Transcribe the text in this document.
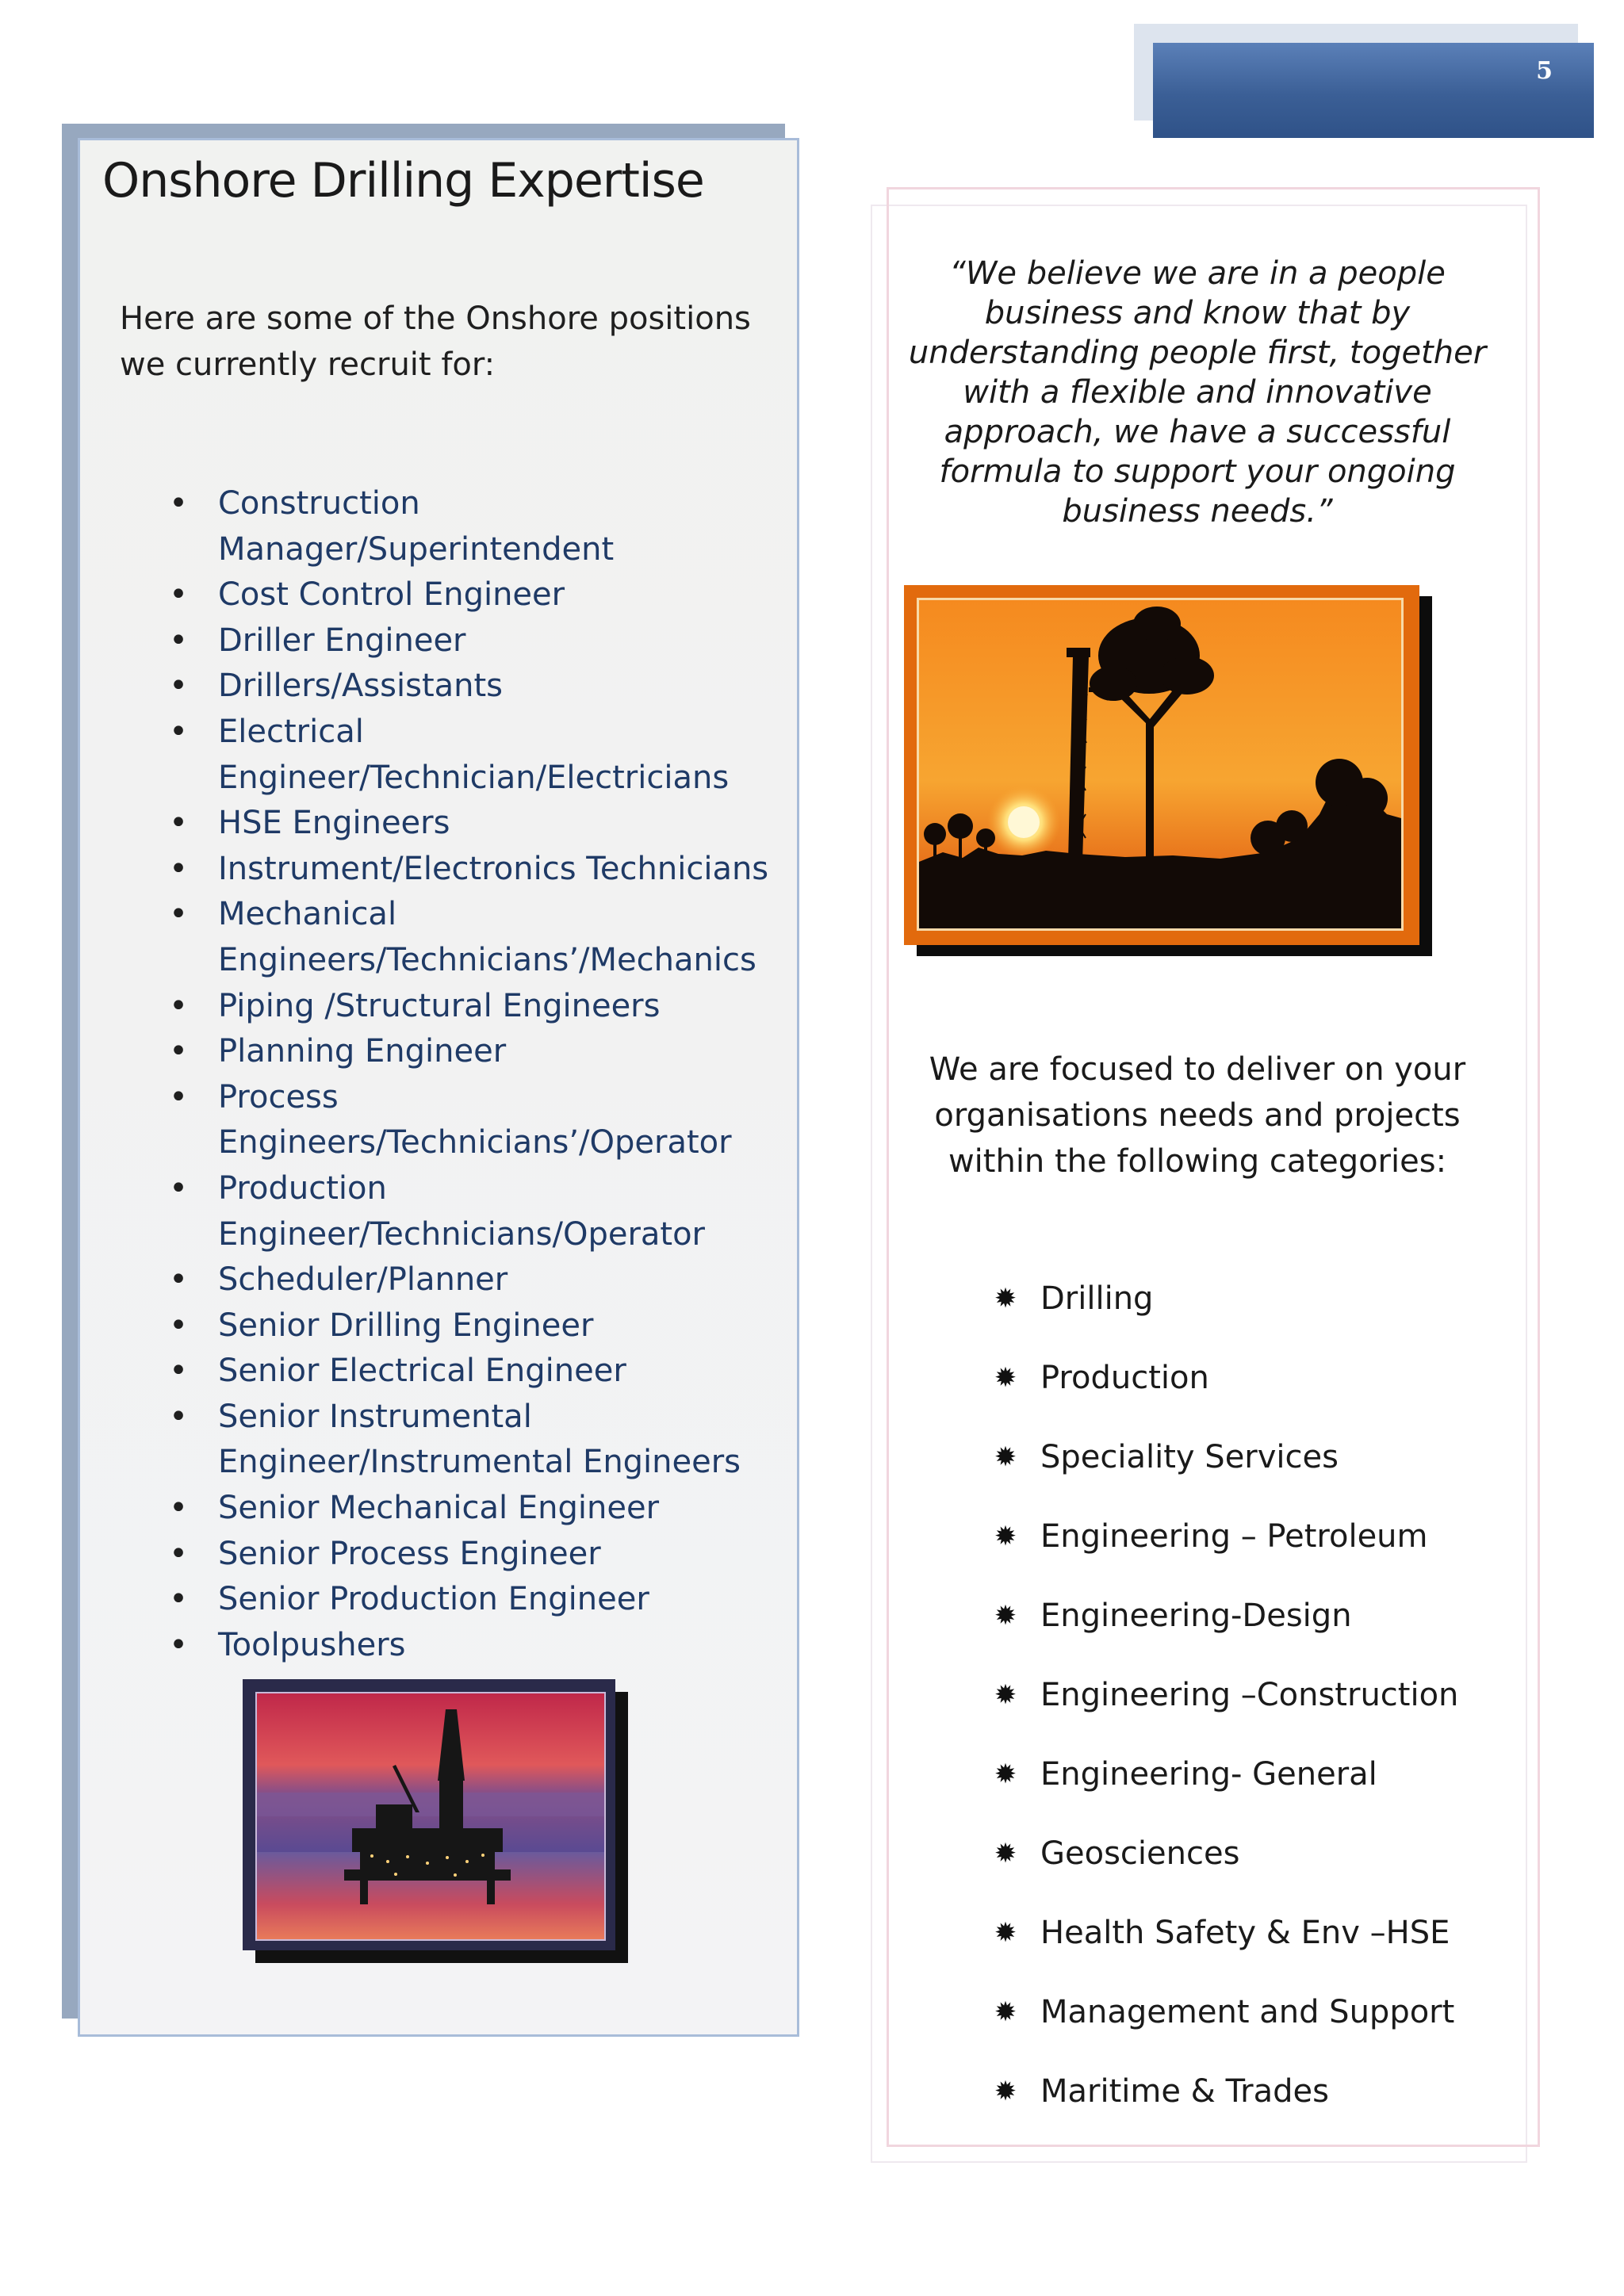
5
Onshore Drilling Expertise

Here are some of the Onshore positions we currently recruit for:

• Construction Manager/Superintendent
• Cost Control Engineer
• Driller Engineer
• Drillers/Assistants
• Electrical Engineer/Technician/Electricians
• HSE Engineers
• Instrument/Electronics Technicians
• Mechanical Engineers/Technicians’/Mechanics
• Piping /Structural Engineers
• Planning Engineer
• Process Engineers/Technicians’/Operator
• Production Engineer/Technicians/Operator
• Scheduler/Planner
• Senior Drilling Engineer
• Senior Electrical Engineer
• Senior Instrumental Engineer/Instrumental Engineers
• Senior Mechanical Engineer
• Senior Process Engineer
• Senior Production Engineer
• Toolpushers

“We believe we are in a people business and know that by understanding people first, together with a flexible and innovative approach, we have a successful formula to support your ongoing business needs.”

We are focused to deliver on your organisations needs and projects within the following categories:

✹ Drilling
✹ Production
✹ Speciality Services
✹ Engineering – Petroleum
✹ Engineering-Design
✹ Engineering –Construction
✹ Engineering- General
✹ Geosciences
✹ Health Safety & Env –HSE
✹ Management and Support
✹ Maritime & Trades
